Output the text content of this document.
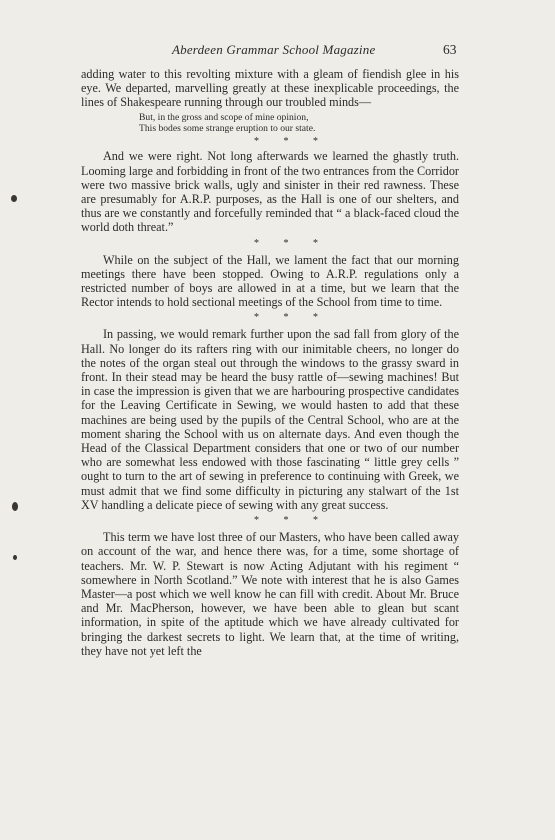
Aberdeen Grammar School Magazine	63

adding water to this revolting mixture with a gleam of fiendish glee in his eye. We departed, marvelling greatly at these inexplicable proceedings, the lines of Shakespeare running through our troubled minds—

But, in the gross and scope of mine opinion,
This bodes some strange eruption to our state.
* * *

And we were right. Not long afterwards we learned the ghastly truth. Looming large and forbidding in front of the two entrances from the Corridor were two massive brick walls, ugly and sinister in their red rawness. These are presumably for A.R.P. purposes, as the Hall is one of our shelters, and thus are we constantly and forcefully reminded that “ a black-faced cloud the world doth threat.”

* * *

While on the subject of the Hall, we lament the fact that our morning meetings there have been stopped. Owing to A.R.P. regulations only a restricted number of boys are allowed in at a time, but we learn that the Rector intends to hold sectional meetings of the School from time to time.

* * *

In passing, we would remark further upon the sad fall from glory of the Hall. No longer do its rafters ring with our inimitable cheers, no longer do the notes of the organ steal out through the windows to the grassy sward in front. In their stead may be heard the busy rattle of—sewing machines! But in case the impression is given that we are harbouring prospective candidates for the Leaving Certificate in Sewing, we would hasten to add that these machines are being used by the pupils of the Central School, who are at the moment sharing the School with us on alternate days. And even though the Head of the Classical Department considers that one or two of our number who are somewhat less endowed with those fascinating “ little grey cells ” ought to turn to the art of sewing in preference to continuing with Greek, we must admit that we find some difficulty in picturing any stalwart of the 1st XV handling a delicate piece of sewing with any great success.

* * *

This term we have lost three of our Masters, who have been called away on account of the war, and hence there was, for a time, some shortage of teachers. Mr. W. P. Stewart is now Acting Adjutant with his regiment “ somewhere in North Scotland.” We note with interest that he is also Games Master—a post which we well know he can fill with credit. About Mr. Bruce and Mr. MacPherson, however, we have been able to glean but scant information, in spite of the aptitude which we have already cultivated for bringing the darkest secrets to light. We learn that, at the time of writing, they have not yet left the
